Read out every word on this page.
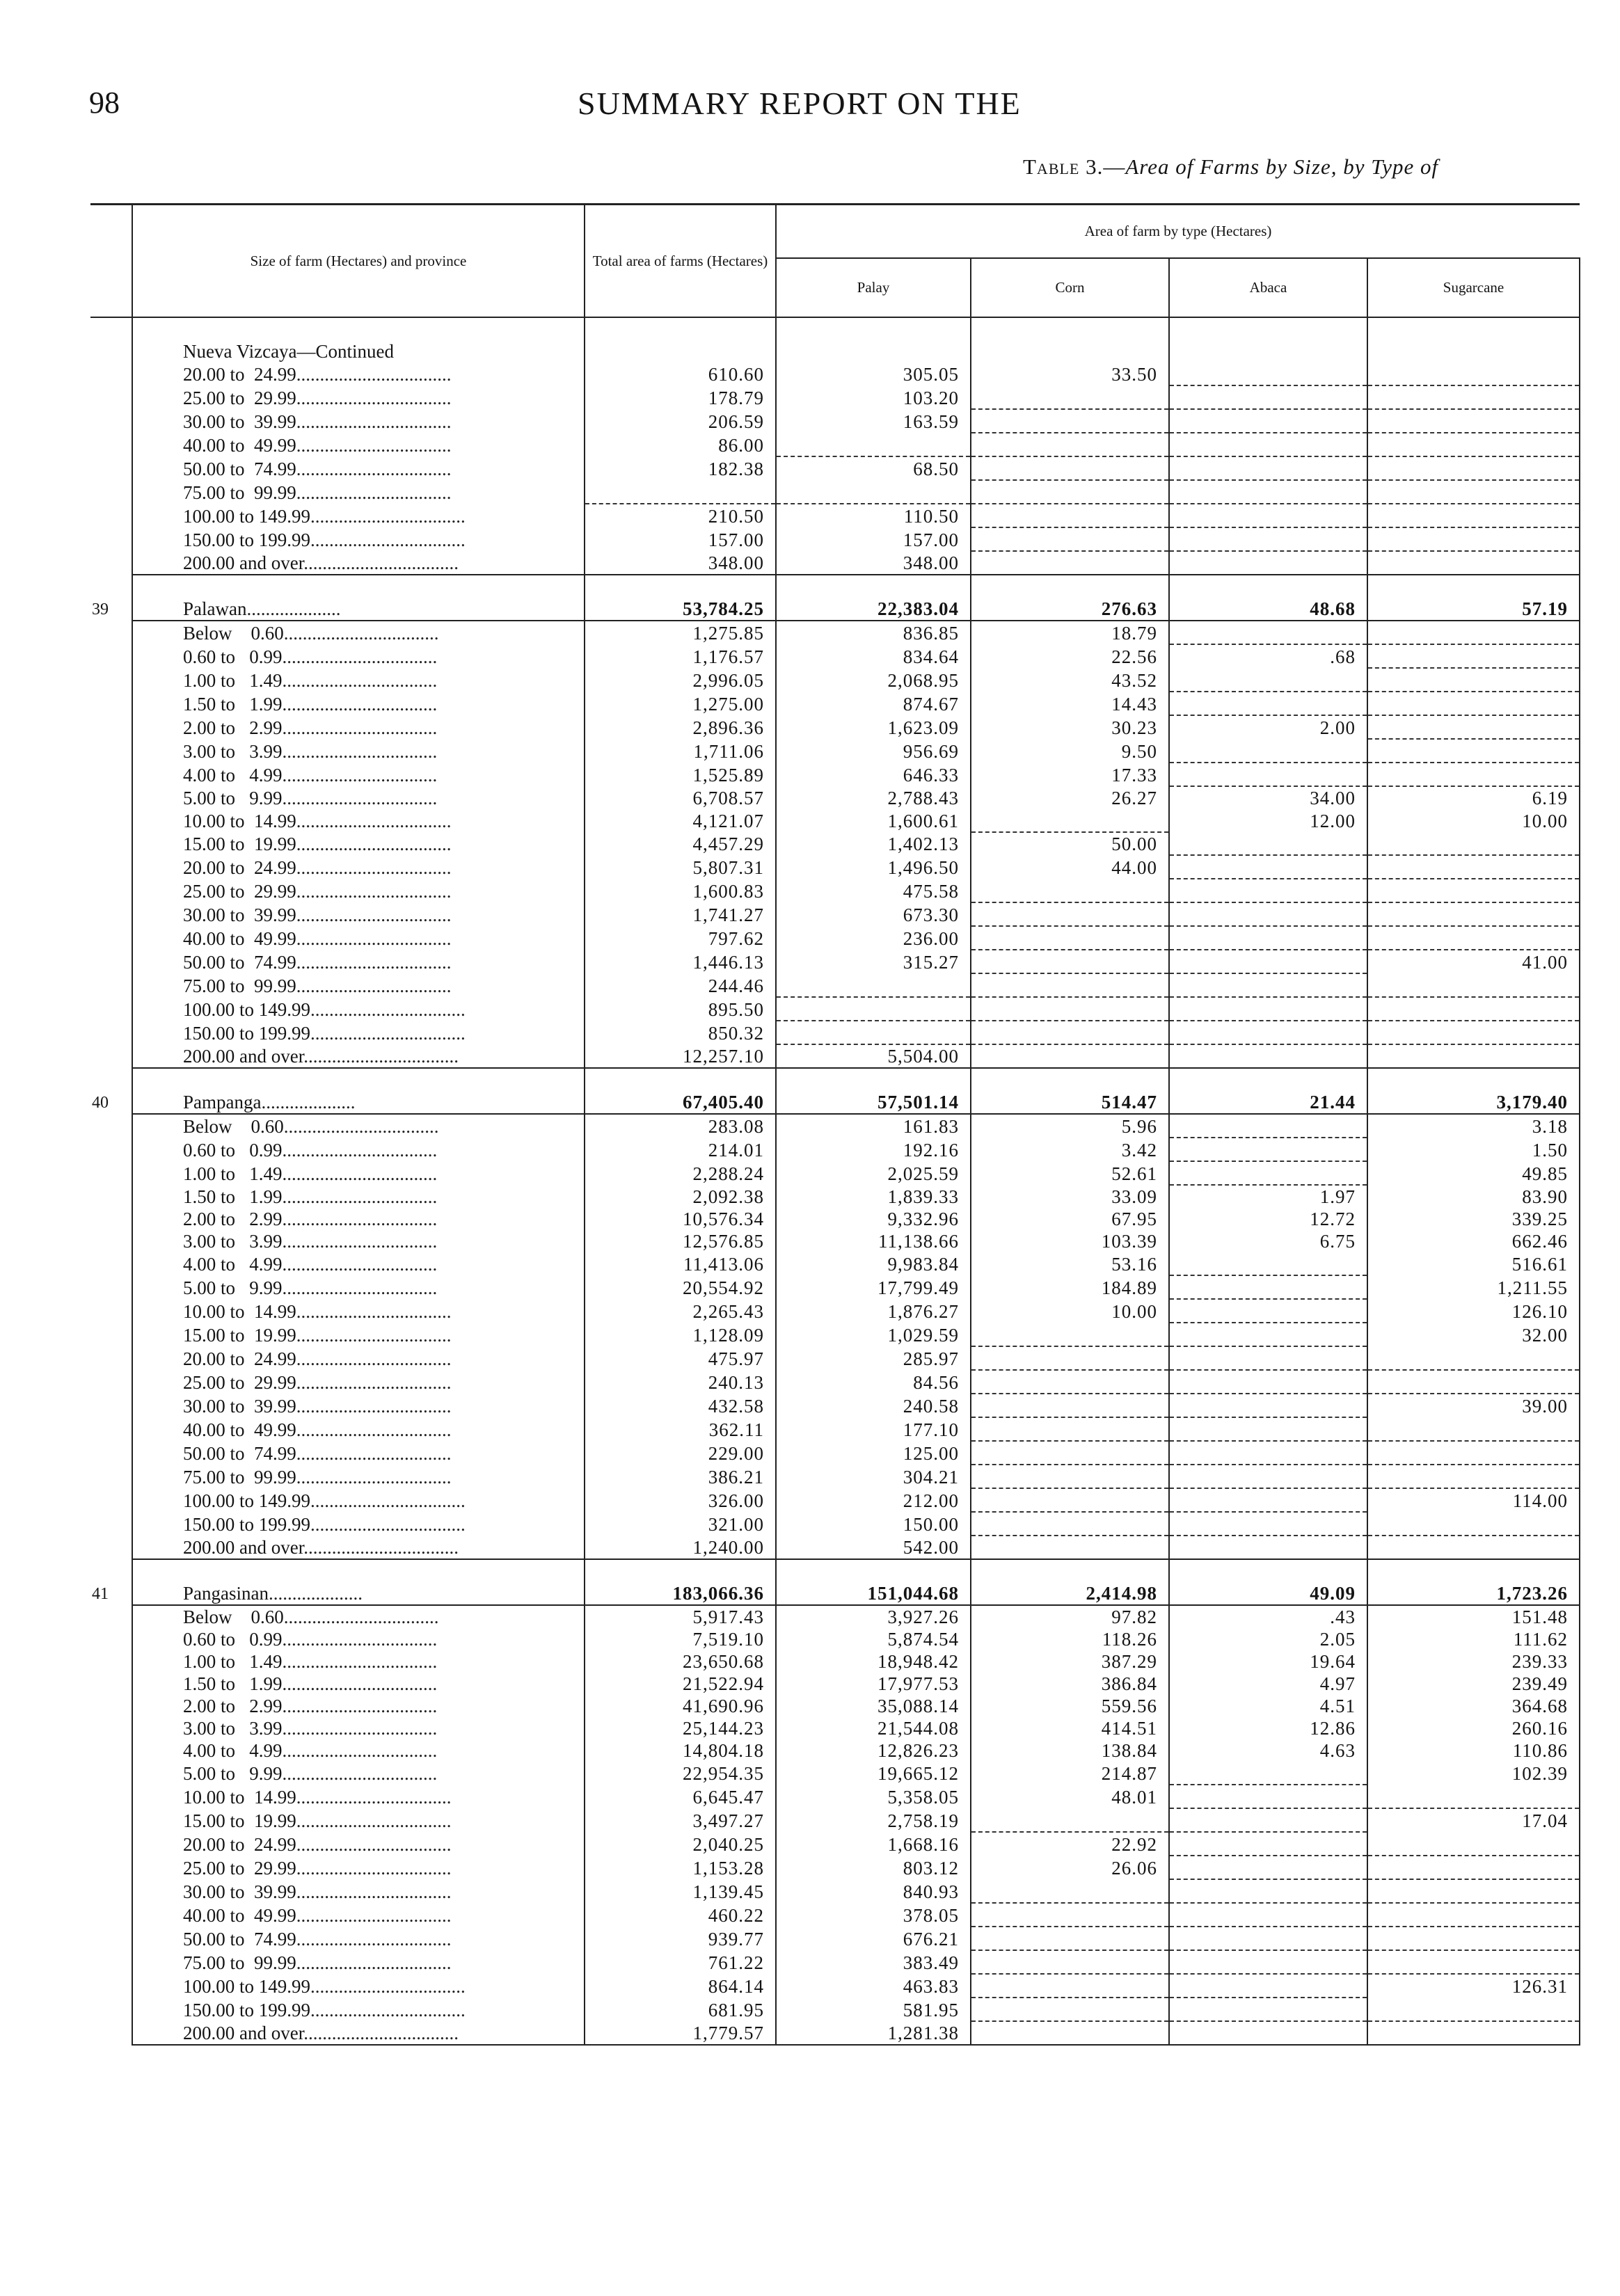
98	SUMMARY REPORT ON THE
Table 3.—Area of Farms by Size, by Type of
	Size of farm (Hectares) and province	Total area of farms (Hectares)	Area of farm by type (Hectares)			
			Palay	Corn	Abaca	Sugarcane

	Nueva Vizcaya—Continued					
	20.00 to  24.99.................................	610.60	305.05	33.50		
	25.00 to  29.99.................................	178.79	103.20			
	30.00 to  39.99.................................	206.59	163.59			
	40.00 to  49.99.................................	86.00				
	50.00 to  74.99.................................	182.38	68.50			
	75.00 to  99.99.................................					
	100.00 to 149.99.................................	210.50	110.50			
	150.00 to 199.99.................................	157.00	157.00			
	200.00 and over.................................	348.00	348.00			

39	Palawan....................	53,784.25	22,383.04	276.63	48.68	57.19
	Below    0.60.................................	1,275.85	836.85	18.79		
	0.60 to   0.99.................................	1,176.57	834.64	22.56	.68	
	1.00 to   1.49.................................	2,996.05	2,068.95	43.52		
	1.50 to   1.99.................................	1,275.00	874.67	14.43		
	2.00 to   2.99.................................	2,896.36	1,623.09	30.23	2.00	
	3.00 to   3.99.................................	1,711.06	956.69	9.50		
	4.00 to   4.99.................................	1,525.89	646.33	17.33		
	5.00 to   9.99.................................	6,708.57	2,788.43	26.27	34.00	6.19
	10.00 to  14.99.................................	4,121.07	1,600.61		12.00	10.00
	15.00 to  19.99.................................	4,457.29	1,402.13	50.00		
	20.00 to  24.99.................................	5,807.31	1,496.50	44.00		
	25.00 to  29.99.................................	1,600.83	475.58			
	30.00 to  39.99.................................	1,741.27	673.30			
	40.00 to  49.99.................................	797.62	236.00			
	50.00 to  74.99.................................	1,446.13	315.27			41.00
	75.00 to  99.99.................................	244.46				
	100.00 to 149.99.................................	895.50				
	150.00 to 199.99.................................	850.32				
	200.00 and over.................................	12,257.10	5,504.00			

40	Pampanga....................	67,405.40	57,501.14	514.47	21.44	3,179.40
	Below    0.60.................................	283.08	161.83	5.96		3.18
	0.60 to   0.99.................................	214.01	192.16	3.42		1.50
	1.00 to   1.49.................................	2,288.24	2,025.59	52.61		49.85
	1.50 to   1.99.................................	2,092.38	1,839.33	33.09	1.97	83.90
	2.00 to   2.99.................................	10,576.34	9,332.96	67.95	12.72	339.25
	3.00 to   3.99.................................	12,576.85	11,138.66	103.39	6.75	662.46
	4.00 to   4.99.................................	11,413.06	9,983.84	53.16		516.61
	5.00 to   9.99.................................	20,554.92	17,799.49	184.89		1,211.55
	10.00 to  14.99.................................	2,265.43	1,876.27	10.00		126.10
	15.00 to  19.99.................................	1,128.09	1,029.59			32.00
	20.00 to  24.99.................................	475.97	285.97			
	25.00 to  29.99.................................	240.13	84.56			
	30.00 to  39.99.................................	432.58	240.58			39.00
	40.00 to  49.99.................................	362.11	177.10			
	50.00 to  74.99.................................	229.00	125.00			
	75.00 to  99.99.................................	386.21	304.21			
	100.00 to 149.99.................................	326.00	212.00			114.00
	150.00 to 199.99.................................	321.00	150.00			
	200.00 and over.................................	1,240.00	542.00			

41	Pangasinan....................	183,066.36	151,044.68	2,414.98	49.09	1,723.26
	Below    0.60.................................	5,917.43	3,927.26	97.82	.43	151.48
	0.60 to   0.99.................................	7,519.10	5,874.54	118.26	2.05	111.62
	1.00 to   1.49.................................	23,650.68	18,948.42	387.29	19.64	239.33
	1.50 to   1.99.................................	21,522.94	17,977.53	386.84	4.97	239.49
	2.00 to   2.99.................................	41,690.96	35,088.14	559.56	4.51	364.68
	3.00 to   3.99.................................	25,144.23	21,544.08	414.51	12.86	260.16
	4.00 to   4.99.................................	14,804.18	12,826.23	138.84	4.63	110.86
	5.00 to   9.99.................................	22,954.35	19,665.12	214.87		102.39
	10.00 to  14.99.................................	6,645.47	5,358.05	48.01		
	15.00 to  19.99.................................	3,497.27	2,758.19			17.04
	20.00 to  24.99.................................	2,040.25	1,668.16	22.92		
	25.00 to  29.99.................................	1,153.28	803.12	26.06		
	30.00 to  39.99.................................	1,139.45	840.93			
	40.00 to  49.99.................................	460.22	378.05			
	50.00 to  74.99.................................	939.77	676.21			
	75.00 to  99.99.................................	761.22	383.49			
	100.00 to 149.99.................................	864.14	463.83			126.31
	150.00 to 199.99.................................	681.95	581.95			
	200.00 and over.................................	1,779.57	1,281.38			
